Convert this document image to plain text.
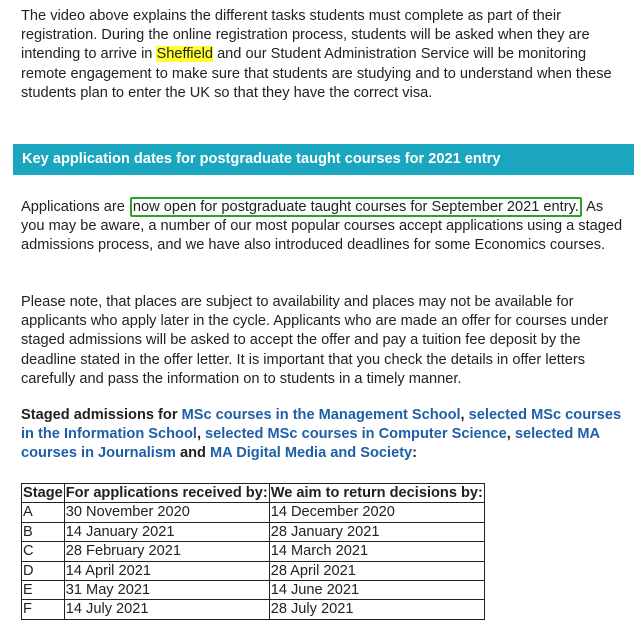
The video above explains the different tasks students must complete as part of their registration. During the online registration process, students will be asked when they are intending to arrive in Sheffield and our Student Administration Service will be monitoring remote engagement to make sure that students are studying and to understand when these students plan to enter the UK so that they have the correct visa.

Key application dates for postgraduate taught courses for 2021 entry

Applications are now open for postgraduate taught courses for September 2021 entry. As you may be aware, a number of our most popular courses accept applications using a staged admissions process, and we have also introduced deadlines for some Economics courses.

Please note, that places are subject to availability and places may not be available for applicants who apply later in the cycle. Applicants who are made an offer for courses under staged admissions will be asked to accept the offer and pay a tuition fee deposit by the deadline stated in the offer letter. It is important that you check the details in offer letters carefully and pass the information on to students in a timely manner.

Staged admissions for MSc courses in the Management School, selected MSc courses in the Information School, selected MSc courses in Computer Science, selected MA courses in Journalism and MA Digital Media and Society:

Stage	For applications received by:	We aim to return decisions by:
A	30 November 2020	14 December 2020
B	14 January 2021	28 January 2021
C	28 February 2021	14 March 2021
D	14 April 2021	28 April 2021
E	31 May 2021	14 June 2021
F	14 July 2021	28 July 2021
